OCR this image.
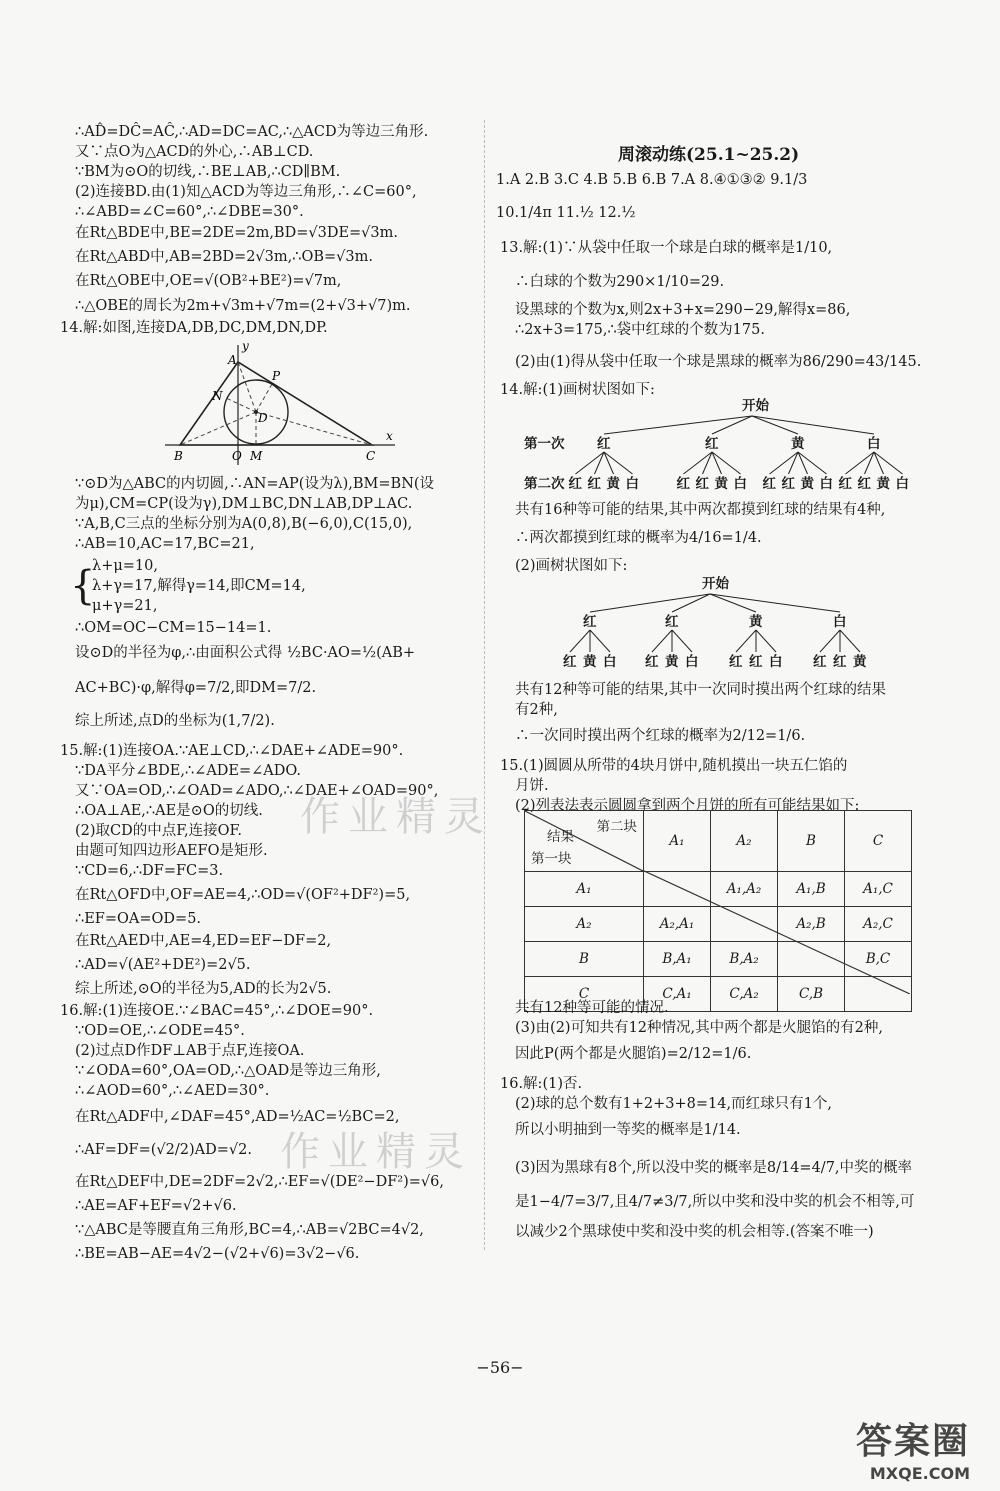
∴AD̂=DĈ=AĈ,∴AD=DC=AC,∴△ACD为等边三角形.
又∵点O为△ACD的外心,∴AB⊥CD.
∵BM为⊙O的切线,∴BE⊥AB,∴CD∥BM.
(2)连接BD.由(1)知△ACD为等边三角形,∴∠C=60°,
∴∠ABD=∠C=60°,∴∠DBE=30°.
在Rt△BDE中,BE=2DE=2m,BD=√3DE=√3m.
在Rt△ABD中,AB=2BD=2√3m,∴OB=√3m.
在Rt△OBE中,OE=√(OB²+BE²)=√7m,
∴△OBE的周长为2m+√3m+√7m=(2+√3+√7)m.
14.解:如图,连接DA,DB,DC,DM,DN,DP.
A
N
P
D
B	O M	C
x
y
∵⊙D为△ABC的内切圆,∴AN=AP(设为λ),BM=BN(设
为μ),CM=CP(设为γ),DM⊥BC,DN⊥AB,DP⊥AC.
∵A,B,C三点的坐标分别为A(0,8),B(−6,0),C(15,0),
∴AB=10,AC=17,BC=21,
{
λ+μ=10,
λ+γ=17,解得γ=14,即CM=14,
μ+γ=21,
∴OM=OC−CM=15−14=1.
设⊙D的半径为φ,∴由面积公式得 ½BC·AO=½(AB+
AC+BC)·φ,解得φ=7/2,即DM=7/2.
综上所述,点D的坐标为(1,7/2).
15.解:(1)连接OA.∵AE⊥CD,∴∠DAE+∠ADE=90°.
∵DA平分∠BDE,∴∠ADE=∠ADO.
又∵OA=OD,∴∠OAD=∠ADO,∴∠DAE+∠OAD=90°,
∴OA⊥AE,∴AE是⊙O的切线.
(2)取CD的中点F,连接OF.
由题可知四边形AEFO是矩形.
∵CD=6,∴DF=FC=3.
在Rt△OFD中,OF=AE=4,∴OD=√(OF²+DF²)=5,
∴EF=OA=OD=5.
在Rt△AED中,AE=4,ED=EF−DF=2,
∴AD=√(AE²+DE²)=2√5.
综上所述,⊙O的半径为5,AD的长为2√5.
16.解:(1)连接OE.∵∠BAC=45°,∴∠DOE=90°.
∵OD=OE,∴∠ODE=45°.
(2)过点D作DF⊥AB于点F,连接OA.
∵∠ODA=60°,OA=OD,∴△OAD是等边三角形,
∴∠AOD=60°,∴∠AED=30°.
在Rt△ADF中,∠DAF=45°,AD=½AC=½BC=2,
∴AF=DF=(√2/2)AD=√2.
在Rt△DEF中,DE=2DF=2√2,∴EF=√(DE²−DF²)=√6,
∴AE=AF+EF=√2+√6.
∵△ABC是等腰直角三角形,BC=4,∴AB=√2BC=4√2,
∴BE=AB−AE=4√2−(√2+√6)=3√2−√6.
周滚动练(25.1~25.2)
1.A 2.B 3.C 4.B 5.B 6.B 7.A 8.④①③② 9.1/3
10.1/4π 11.½ 12.½
13.解:(1)∵从袋中任取一个球是白球的概率是1/10,
∴白球的个数为290×1/10=29.
设黑球的个数为x,则2x+3+x=290−29,解得x=86,
∴2x+3=175,∴袋中红球的个数为175.
(2)由(1)得从袋中任取一个球是黑球的概率为86/290=43/145.
14.解:(1)画树状图如下:
开始
第一次
第二次
红	红	黄	白
红 红 黄 白	红 红 黄 白 红 红 黄 白 红 红 黄 白
共有16种等可能的结果,其中两次都摸到红球的结果有4种,
∴两次都摸到红球的概率为4/16=1/4.
(2)画树状图如下:
开始
红	红	黄	白
红 黄 白 红 黄 白 红 红 白 红 红 黄
共有12种等可能的结果,其中一次同时摸出两个红球的结果
有2种,
∴一次同时摸出两个红球的概率为2/12=1/6.
15.(1)圆圆从所带的4块月饼中,随机摸出一块五仁馅的
月饼.
(2)列表法表示圆圆拿到两个月饼的所有可能结果如下:
第二块
结果
第一块	A₁	A₂	B	C
A₁		A₁,A₂	A₁,B	A₁,C
A₂	A₂,A₁		A₂,B	A₂,C
B	B,A₁	B,A₂		B,C
C	C,A₁	C,A₂	C,B	
共有12种等可能的情况.
(3)由(2)可知共有12种情况,其中两个都是火腿馅的有2种,
因此P(两个都是火腿馅)=2/12=1/6.
16.解:(1)否.
(2)球的总个数有1+2+3+8=14,而红球只有1个,
所以小明抽到一等奖的概率是1/14.
(3)因为黑球有8个,所以没中奖的概率是8/14=4/7,中奖的概率
是1−4/7=3/7,且4/7≠3/7,所以中奖和没中奖的机会不相等,可
以减少2个黑球使中奖和没中奖的机会相等.(答案不唯一)
作业精灵
作业精灵
−56−
答案圈
MXQE.COM
